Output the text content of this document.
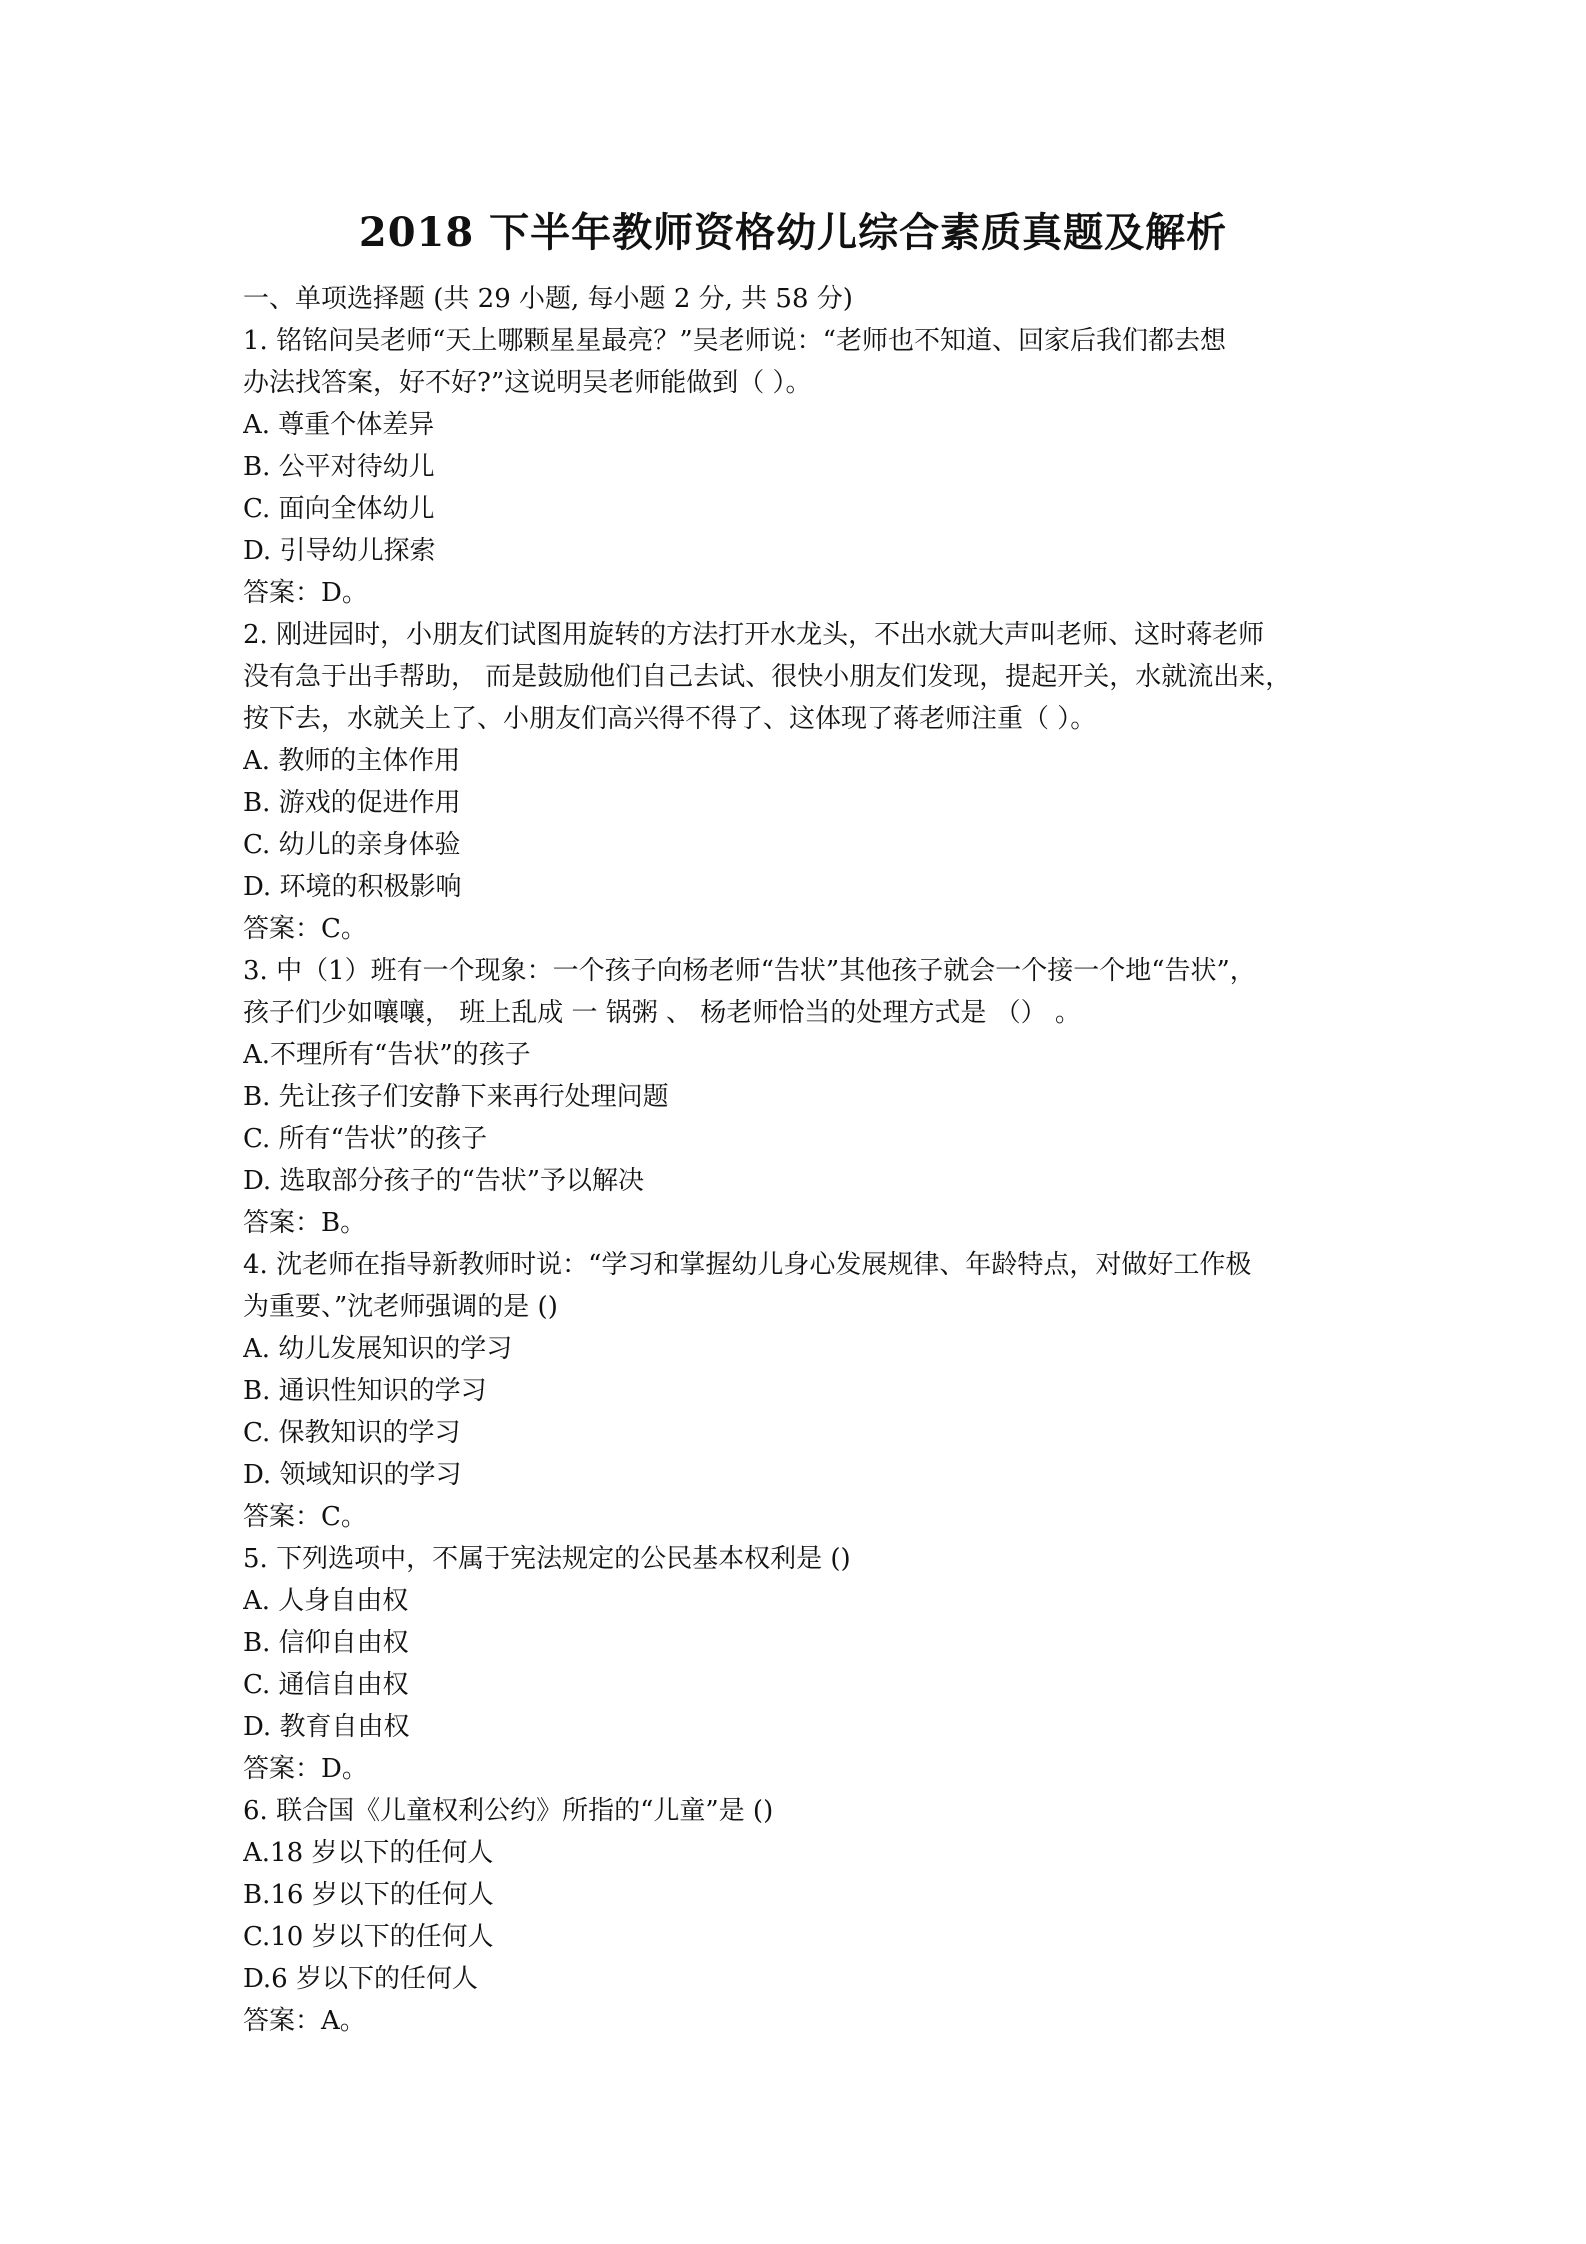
2018 下半年教师资格幼儿综合素质真题及解析
一、单项选择题 (共 29 小题, 每小题 2 分, 共 58 分)
1. 铭铭问吴老师“天上哪颗星星最亮？”吴老师说：“老师也不知道、回家后我们都去想
办法找答案，好不好?”这说明吴老师能做到（ ）。
A. 尊重个体差异
B. 公平对待幼儿
C. 面向全体幼儿
D. 引导幼儿探索
答案：D。
2. 刚进园时，小朋友们试图用旋转的方法打开水龙头，不出水就大声叫老师、这时蒋老师
没有急于出手帮助， 而是鼓励他们自己去试、很快小朋友们发现，提起开关，水就流出来，
按下去，水就关上了、小朋友们高兴得不得了、这体现了蒋老师注重（ ）。
A. 教师的主体作用
B. 游戏的促进作用
C. 幼儿的亲身体验
D. 环境的积极影响
答案：C。
3. 中（1）班有一个现象：一个孩子向杨老师“告状”其他孩子就会一个接一个地“告状”，
孩子们少如嚷嚷， 班上乱成 一 锅粥 、 杨老师恰当的处理方式是 （） 。
A.不理所有“告状”的孩子
B. 先让孩子们安静下来再行处理问题
C. 所有“告状”的孩子
D. 选取部分孩子的“告状”予以解决
答案：B。
4. 沈老师在指导新教师时说：“学习和掌握幼儿身心发展规律、年龄特点，对做好工作极
为重要、”沈老师强调的是 ()
A. 幼儿发展知识的学习
B. 通识性知识的学习
C. 保教知识的学习
D. 领域知识的学习
答案：C。
5. 下列选项中，不属于宪法规定的公民基本权利是 ()
A. 人身自由权
B. 信仰自由权
C. 通信自由权
D. 教育自由权
答案：D。
6. 联合国《儿童权利公约》所指的“儿童”是 ()
A.18 岁以下的任何人
B.16 岁以下的任何人
C.10 岁以下的任何人
D.6 岁以下的任何人
答案：A。
